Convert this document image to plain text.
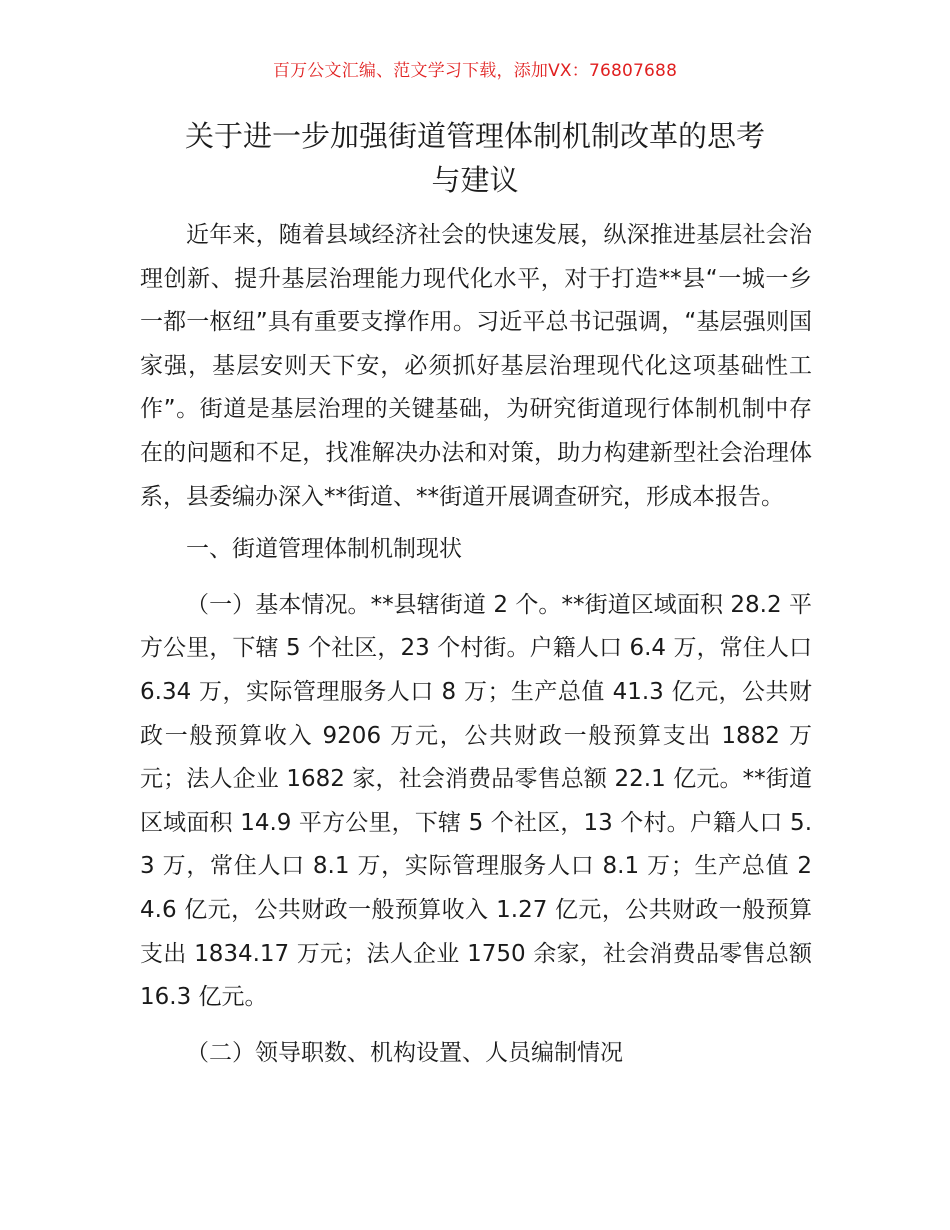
百万公文汇编、范文学习下载，添加VX：76807688
关于进一步加强街道管理体制机制改革的思考
与建议

近年来，随着县域经济社会的快速发展，纵深推进基层社会治理创新、提升基层治理能力现代化水平，对于打造**县“一城一乡一都一枢纽”具有重要支撑作用。习近平总书记强调，“基层强则国家强，基层安则天下安，必须抓好基层治理现代化这项基础性工作”。街道是基层治理的关键基础，为研究街道现行体制机制中存在的问题和不足，找准解决办法和对策，助力构建新型社会治理体系，县委编办深入**街道、**街道开展调查研究，形成本报告。

一、街道管理体制机制现状

（一）基本情况。**县辖街道 2 个。**街道区域面积 28.2 平方公里，下辖 5 个社区，23 个村街。户籍人口 6.4 万，常住人口 6.34 万，实际管理服务人口 8 万；生产总值 41.3 亿元，公共财政一般预算收入 9206 万元，公共财政一般预算支出 1882 万元；法人企业 1682 家，社会消费品零售总额 22.1 亿元。**街道区域面积 14.9 平方公里，下辖 5 个社区，13 个村。户籍人口 5.3 万，常住人口 8.1 万，实际管理服务人口 8.1 万；生产总值 24.6 亿元，公共财政一般预算收入 1.27 亿元，公共财政一般预算支出 1834.17 万元；法人企业 1750 余家，社会消费品零售总额 16.3 亿元。

（二）领导职数、机构设置、人员编制情况
